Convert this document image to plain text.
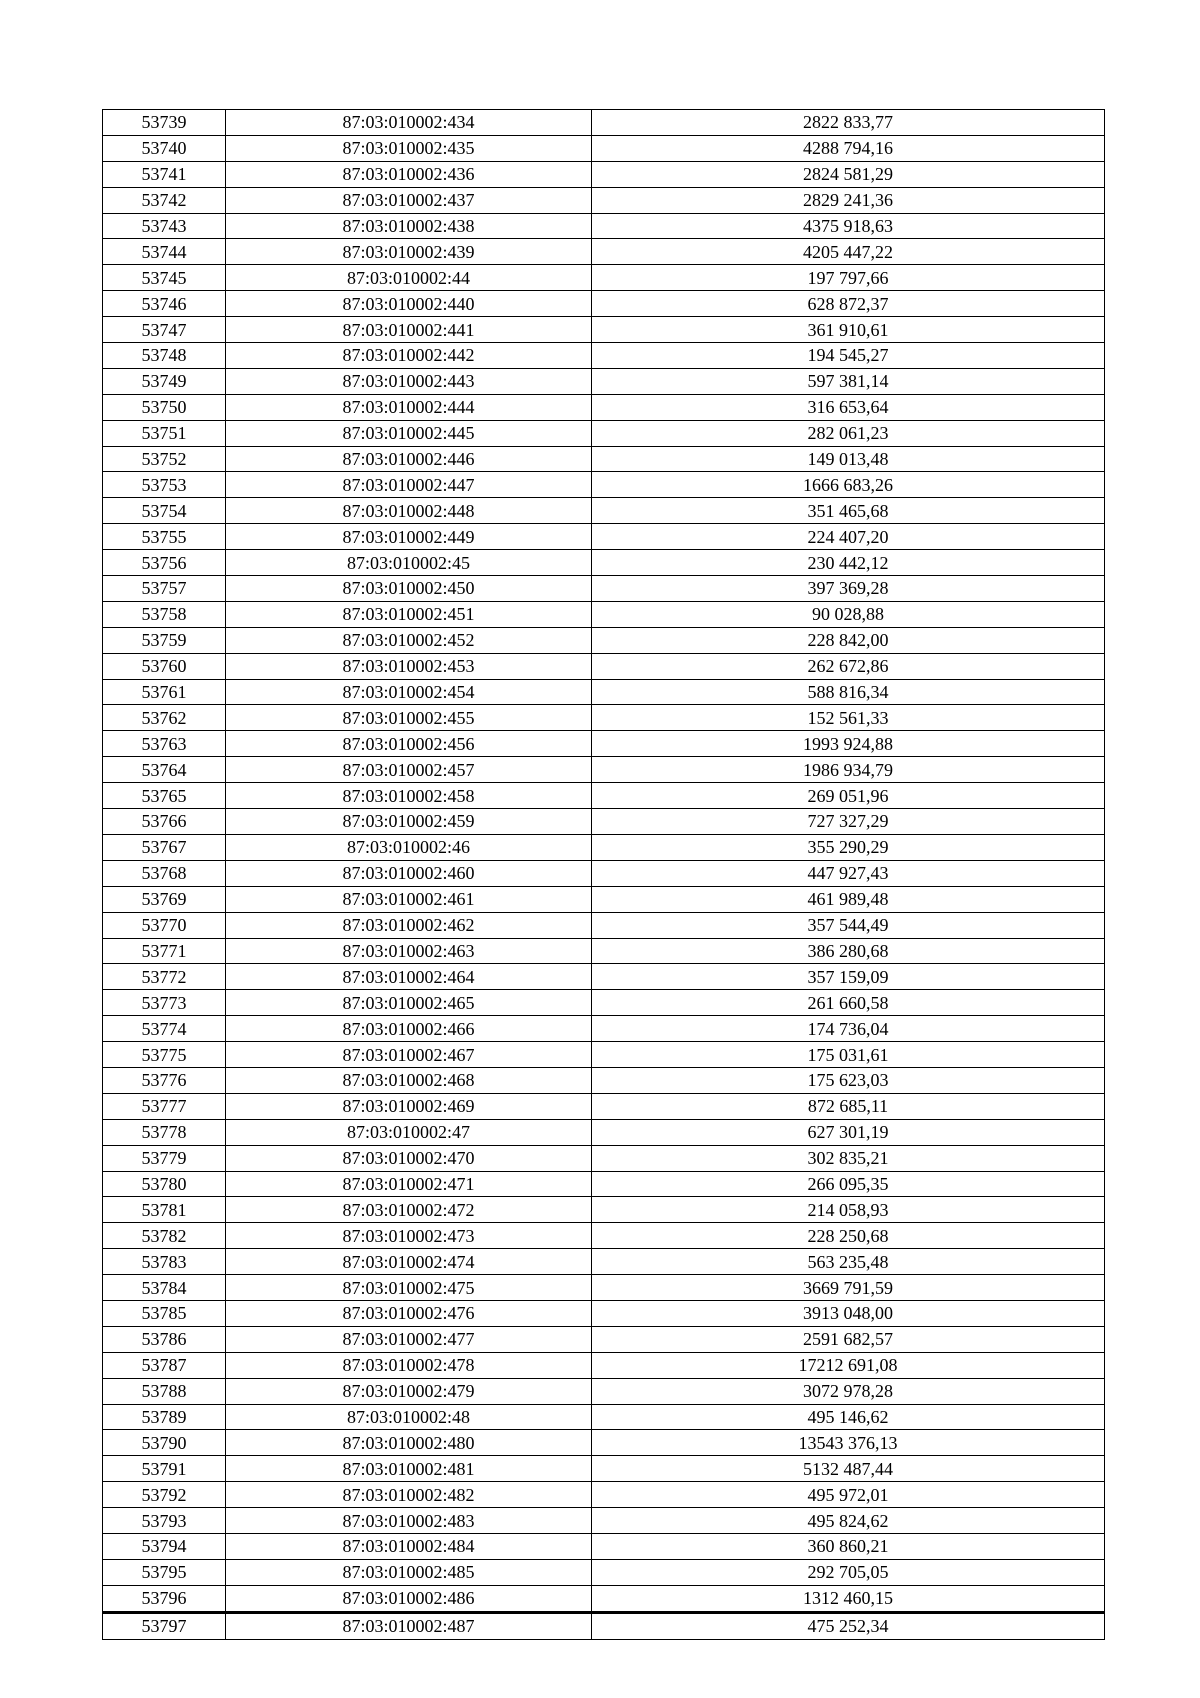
53739	87:03:010002:434	2822 833,77
53740	87:03:010002:435	4288 794,16
53741	87:03:010002:436	2824 581,29
53742	87:03:010002:437	2829 241,36
53743	87:03:010002:438	4375 918,63
53744	87:03:010002:439	4205 447,22
53745	87:03:010002:44	197 797,66
53746	87:03:010002:440	628 872,37
53747	87:03:010002:441	361 910,61
53748	87:03:010002:442	194 545,27
53749	87:03:010002:443	597 381,14
53750	87:03:010002:444	316 653,64
53751	87:03:010002:445	282 061,23
53752	87:03:010002:446	149 013,48
53753	87:03:010002:447	1666 683,26
53754	87:03:010002:448	351 465,68
53755	87:03:010002:449	224 407,20
53756	87:03:010002:45	230 442,12
53757	87:03:010002:450	397 369,28
53758	87:03:010002:451	90 028,88
53759	87:03:010002:452	228 842,00
53760	87:03:010002:453	262 672,86
53761	87:03:010002:454	588 816,34
53762	87:03:010002:455	152 561,33
53763	87:03:010002:456	1993 924,88
53764	87:03:010002:457	1986 934,79
53765	87:03:010002:458	269 051,96
53766	87:03:010002:459	727 327,29
53767	87:03:010002:46	355 290,29
53768	87:03:010002:460	447 927,43
53769	87:03:010002:461	461 989,48
53770	87:03:010002:462	357 544,49
53771	87:03:010002:463	386 280,68
53772	87:03:010002:464	357 159,09
53773	87:03:010002:465	261 660,58
53774	87:03:010002:466	174 736,04
53775	87:03:010002:467	175 031,61
53776	87:03:010002:468	175 623,03
53777	87:03:010002:469	872 685,11
53778	87:03:010002:47	627 301,19
53779	87:03:010002:470	302 835,21
53780	87:03:010002:471	266 095,35
53781	87:03:010002:472	214 058,93
53782	87:03:010002:473	228 250,68
53783	87:03:010002:474	563 235,48
53784	87:03:010002:475	3669 791,59
53785	87:03:010002:476	3913 048,00
53786	87:03:010002:477	2591 682,57
53787	87:03:010002:478	17212 691,08
53788	87:03:010002:479	3072 978,28
53789	87:03:010002:48	495 146,62
53790	87:03:010002:480	13543 376,13
53791	87:03:010002:481	5132 487,44
53792	87:03:010002:482	495 972,01
53793	87:03:010002:483	495 824,62
53794	87:03:010002:484	360 860,21
53795	87:03:010002:485	292 705,05
53796	87:03:010002:486	1312 460,15
53797	87:03:010002:487	475 252,34
